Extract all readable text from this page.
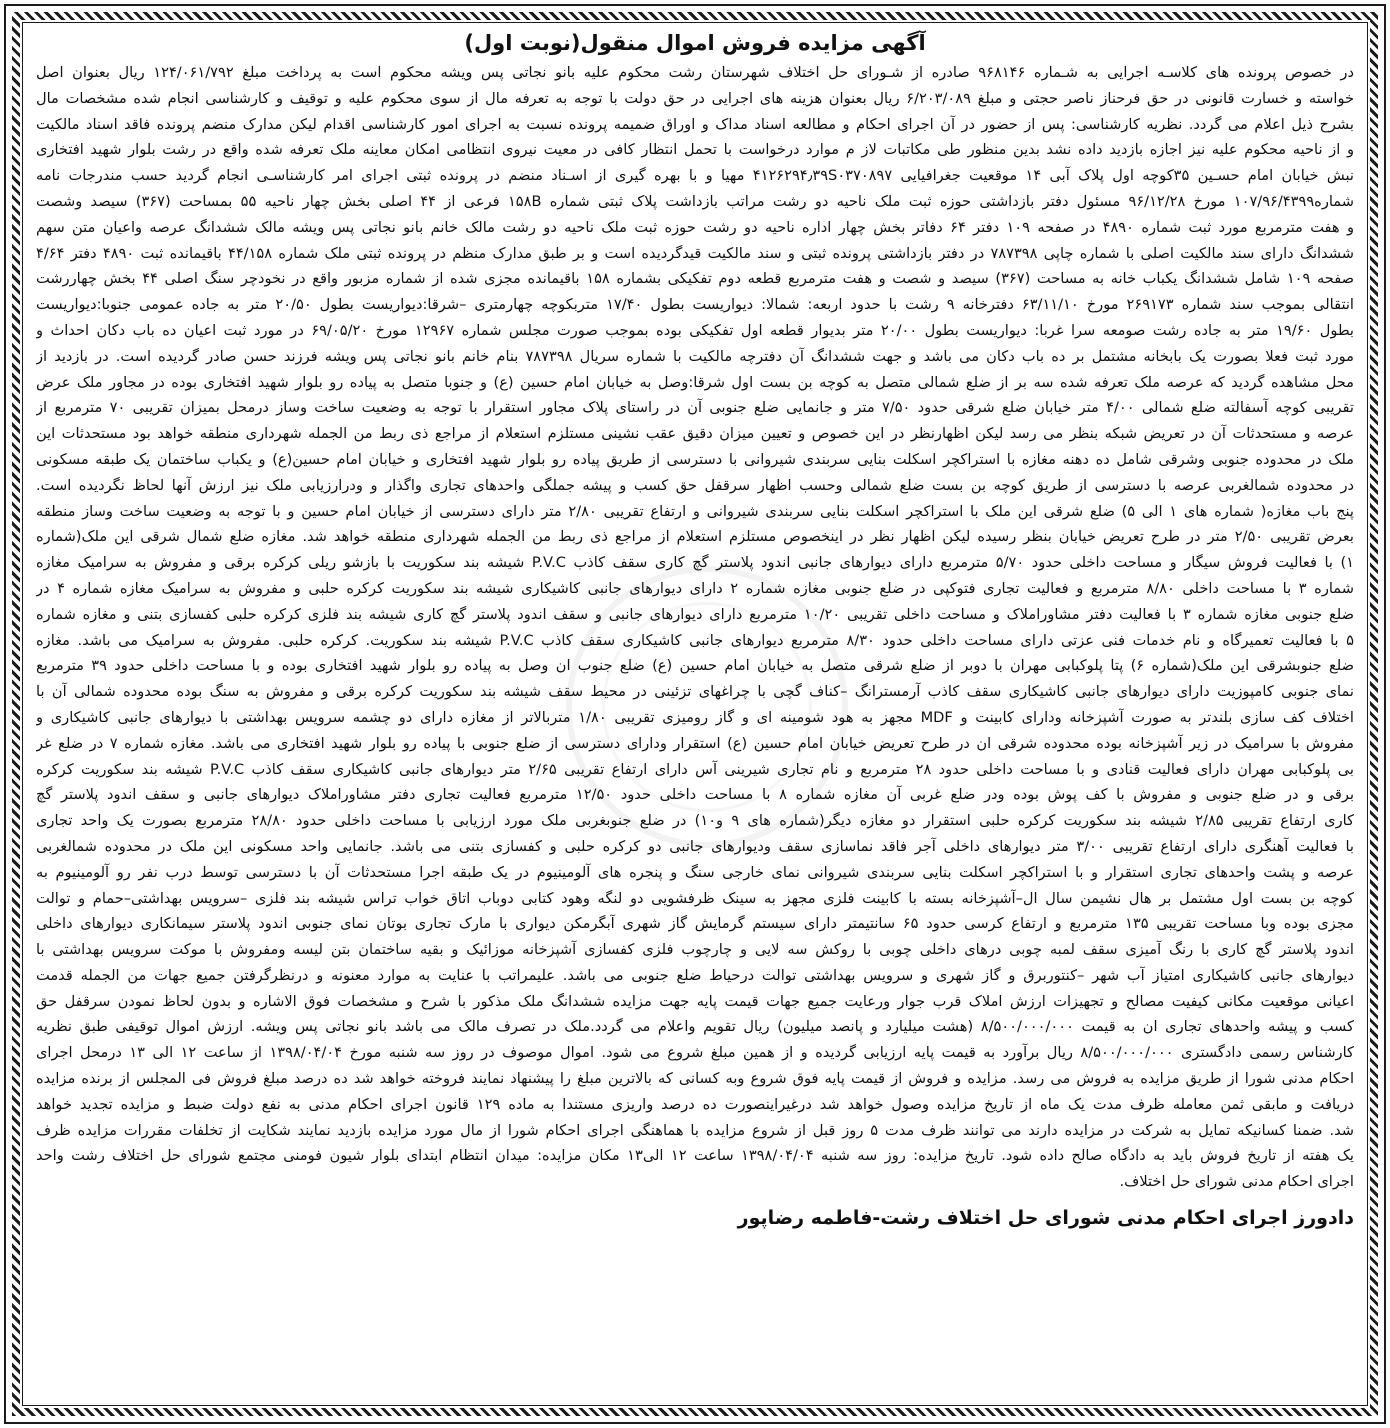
آگهی مزایده فروش اموال منقول(نوبت اول)
در خصوص پرونده های کلاسـه اجرایی به شـماره ۹۶۸۱۴۶ صادره از شـورای حل اختلاف شهرستان رشت محکوم علیه بانو نجاتی پس ویشه محکوم است به پرداخت مبلغ ۱۲۴/۰۶۱/۷۹۲ ریال بعنوان اصل
خواسته و خسارت قانونی در حق فرحناز ناصر حجتی و مبلغ ۶/۲۰۳/۰۸۹ ریال بعنوان هزینه های اجرایی در حق دولت با توجه به تعرفه مال از سوی محکوم علیه و توقیف و کارشناسی انجام شده مشخصات مال
بشرح ذیل اعلام می گردد. نظریه کارشناسی: پس از حضور در آن اجرای احکام و مطالعه اسناد مداک و اوراق ضمیمه پرونده نسبت به اجرای امور کارشناسی اقدام لیکن مدارک منضم پرونده فاقد اسناد مالکیت
و از ناحیه محکوم علیه نیز اجازه بازدید داده نشد بدین منظور طی مکاتبات لاز م موارد درخواست با تحمل انتظار کافی در معیت نیروی انتظامی امکان معاینه ملک تعرفه شده واقع در رشت بلوار شهید افتخاری
نبش خیابان امام حسـین ۳۵کوچه اول پلاک آبی ۱۴ موقعیت جغرافیایی ۴۱۲۶۲۹۴٫۳۹S۰۳۷۰۸۹۷ مهیا و با بهره گیری از اسـناد منضم در پرونده ثبتی اجرای امر کارشناسـی انجام گردید حسب مندرجات نامه
شماره۱۰۷/۹۶/۴۳۹۹ مورخ ۹۶/۱۲/۲۸ مسئول دفتر بازداشتی حوزه ثبت ملک ناحیه دو رشت مراتب بازداشت پلاک ثبتی شماره ۱۵۸B فرعی از ۴۴ اصلی بخش چهار ناحیه ۵۵ بمساحت (۳۶۷) سیصد وشصت
و هفت مترمربع مورد ثبت شماره ۴۸۹۰ در صفحه ۱۰۹ دفتر ۶۴ دفاتر بخش چهار اداره ناحیه دو رشت حوزه ثبت ملک ناحیه دو رشت مالک خانم بانو نجاتی پس ویشه مالک ششدانگ عرصه واعیان متن سهم
ششدانگ دارای سند مالکیت اصلی با شماره چاپی ۷۸۷۳۹۸ در دفتر بازداشتی پرونده ثبتی و سند مالکیت قیدگردیده است و بر طبق مدارک منظم در پرونده ثبتی ملک شماره ۴۴/۱۵۸ باقیمانده ثبت ۴۸۹۰ دفتر ۴/۶۴
صفحه ۱۰۹ شامل ششدانگ یکباب خانه به مساحت (۳۶۷) سیصد و شصت و هفت مترمربع قطعه دوم تفکیکی بشماره ۱۵۸ باقیمانده مجزی شده از شماره مزبور واقع در نخودچر سنگ اصلی ۴۴ بخش چهاررشت
انتقالی بموجب سند شماره ۲۶۹۱۷۳ مورخ ۶۳/۱۱/۱۰ دفترخانه ۹ رشت با حدود اربعه: شمالا: دیواریست بطول ۱۷/۴۰ متربکوچه چهارمتری –شرقا:دیواریست بطول ۲۰/۵۰ متر به جاده عمومی جنوبا:دیواریست
بطول ۱۹/۶۰ متر به جاده رشت صومعه سرا غربا: دیواریست بطول ۲۰/۰۰ متر بدیوار قطعه اول تفکیکی بوده بموجب صورت مجلس شماره ۱۲۹۶۷ مورخ ۶۹/۰۵/۲۰ در مورد ثبت اعیان ده باب دکان احداث و
مورد ثبت فعلا بصورت یک بابخانه مشتمل بر ده باب دکان می باشد و جهت ششدانگ آن دفترچه مالکیت با شماره سریال ۷۸۷۳۹۸ بنام خانم بانو نجاتی پس ویشه فرزند حسن صادر گردیده است. در بازدید از
محل مشاهده گردید که عرصه ملک تعرفه شده سه بر از ضلع شمالی متصل به کوچه بن بست اول شرقا:وصل به خیابان امام حسین (ع) و جنوبا متصل به پیاده رو بلوار شهید افتخاری بوده در مجاور ملک عرض
تقریبی کوچه آسفالته ضلع شمالی ۴/۰۰ متر خیابان ضلع شرقی حدود ۷/۵۰ متر و جانمایی ضلع جنوبی آن در راستای پلاک مجاور استقرار با توجه به وضعیت ساخت وساز درمحل بمیزان تقریبی ۷۰ مترمربع از
عرصه و مستحدثات آن در تعریض شبکه بنظر می رسد لیکن اظهارنظر در این خصوص و تعیین میزان دقیق عقب نشینی مستلزم استعلام از مراجع ذی ربط من الجمله شهرداری منطقه خواهد بود مستحدثات این
ملک در محدوده جنوبی وشرقی شامل ده دهنه مغازه با استراکچر اسکلت بنایی سربندی شیروانی با دسترسی از طریق پیاده رو بلوار شهید افتخاری و خیابان امام حسین(ع) و یکباب ساختمان یک طبقه مسکونی
در محدوده شمالغربی عرصه با دسترسی از طریق کوچه بن بست ضلع شمالی وحسب اظهار سرقفل حق کسب و پیشه جملگی واحدهای تجاری واگذار و ودرارزیابی ملک نیز ارزش آنها لحاظ نگردیده است.
پنج باب مغازه( شماره های ۱ الی ۵) ضلع شرقی این ملک با استراکچر اسکلت بنایی سربندی شیروانی و ارتفاع تقریبی ۲/۸۰ متر دارای دسترسی از خیابان امام حسین و با توجه به وضعیت ساخت وساز منطقه
بعرض تقریبی ۲/۵۰ متر در طرح تعریض خیابان بنظر رسیده لیکن اظهار نظر در اینخصوص مستلزم استعلام از مراجع ذی ربط من الجمله شهرداری منطقه خواهد شد. مغازه ضلع شمال شرقی این ملک(شماره
۱) با فعالیت فروش سیگار و مساحت داخلی حدود ۵/۷۰ مترمربع دارای دیوارهای جانبی اندود پلاستر گچ کاری سقف کاذب P.V.C شیشه بند سکوریت با بازشو ریلی کرکره برقی و مفروش به سرامیک مغازه
شماره ۳ با مساحت داخلی ۸/۸۰ مترمربع و فعالیت تجاری فتوکپی در ضلع جنوبی مغازه شماره ۲ دارای دیوارهای جانبی کاشیکاری شیشه بند سکوریت کرکره حلبی و مفروش به سرامیک مغازه شماره ۴ در
ضلع جنوبی مغازه شماره ۳ با فعالیت دفتر مشاوراملاک و مساحت داخلی تقریبی ۱۰/۲۰ مترمربع دارای دیوارهای جانبی و سقف اندود پلاستر گچ کاری شیشه بند فلزی کرکره حلبی کفسازی بتنی و مغازه شماره
۵ با فعالیت تعمیرگاه و نام خدمات فنی عزتی دارای مساحت داخلی حدود ۸/۳۰ مترمربع دیوارهای جانبی کاشیکاری سقف کاذب P.V.C شیشه بند سکوریت. کرکره حلبی. مفروش به سرامیک می باشد. مغازه
ضلع جنوبشرقی این ملک(شماره ۶) پتا پلوکبابی مهران با دوبر از ضلع شرقی متصل به خیابان امام حسین (ع) ضلع جنوب ان وصل به پیاده رو بلوار شهید افتخاری بوده و با مساحت داخلی حدود ۳۹ مترمربع
نمای جنوبی کامپوزیت دارای دیوارهای جانبی کاشیکاری سقف کاذب آرمسترانگ –کناف گچی با چراغهای تزئینی در محیط سقف شیشه بند سکوریت کرکره برقی و مفروش به سنگ بوده محدوده شمالی آن با
اختلاف کف سازی بلندتر به صورت آشپزخانه ودارای کابینت و MDF مجهز به هود شومینه ای و گاز رومیزی تقریبی ۱/۸۰ متربالاتر از مغازه دارای دو چشمه سرویس بهداشتی با دیوارهای جانبی کاشیکاری و
مفروش با سرامیک در زیر آشپزخانه بوده محدوده شرقی ان در طرح تعریض خیابان امام حسین (ع) استقرار ودارای دسترسی از ضلع جنوبی با پیاده رو بلوار شهید افتخاری می باشد. مغازه شماره ۷ در ضلع غر
بی پلوکبابی مهران دارای فعالیت قنادی و با مساحت داخلی حدود ۲۸ مترمربع و نام تجاری شیرینی آس دارای ارتفاع تقریبی ۲/۶۵ متر دیوارهای جانبی کاشیکاری سقف کاذب P.V.C شیشه بند سکوریت کرکره
برقی و در ضلع جنوبی و مفروش با کف پوش بوده ودر ضلع غربی آن مغازه شماره ۸ با مساحت داخلی حدود ۱۲/۵۰ مترمربع فعالیت تجاری دفتر مشاوراملاک دیوارهای جانبی و سقف اندود پلاستر گچ
کاری ارتفاع تقریبی ۲/۸۵ شیشه بند سکوریت کرکره حلبی استقرار دو مغازه دیگر(شماره های ۹ و۱۰) در ضلع جنوبغربی ملک مورد ارزیابی با مساحت داخلی حدود ۲۸/۸۰ مترمربع بصورت یک واحد تجاری
با فعالیت آهنگری دارای ارتفاع تقریبی ۳/۰۰ متر دیوارهای داخلی آجر فاقد نماسازی سقف ودیوارهای جانبی دو کرکره حلبی و کفسازی بتنی می باشد. جانمایی واحد مسکونی این ملک در محدوده شمالغربی
عرصه و پشت واحدهای تجاری استقرار و با استراکچر اسکلت بنایی سربندی شیروانی نمای خارجی سنگ و پنجره های آلومینیوم در یک طبقه اجرا مستحدثات آن با دسترسی توسط درب نفر رو آلومینیوم به
کوچه بن بست اول مشتمل بر هال نشیمن سال ال–آشپزخانه بسته با کابینت فلزی مجهز به سینک ظرفشویی دو لنگه وهود کتابی دوباب اتاق خواب تراس شیشه بند فلزی –سرویس بهداشتی–حمام و توالت
مجزی بوده وبا مساحت تقریبی ۱۳۵ مترمربع و ارتفاع کرسی حدود ۶۵ سانتیمتر دارای سیستم گرمایش گاز شهری آبگرمکن دیواری با مارک تجاری بوتان نمای جنوبی اندود پلاستر سیمانکاری دیوارهای داخلی
اندود پلاستر گچ کاری با رنگ آمیزی سقف لمبه چوبی درهای داخلی چوبی با روکش سه لایی و چارچوب فلزی کفسازی آشپزخانه موزائیک و بقیه ساختمان بتن لیسه ومفروش با موکت سرویس بهداشتی با
دیوارهای جانبی کاشیکاری امتیاز آب شهر –کنتوربرق و گاز شهری و سرویس بهداشتی توالت درحیاط ضلع جنوبی می باشد. علیمراتب با عنایت به موارد معنونه و درنظرگرفتن جمیع جهات من الجمله قدمت
اعیانی موقعیت مکانی کیفیت مصالح و تجهیزات ارزش املاک قرب جوار ورعایت جمیع جهات قیمت پایه جهت مزایده ششدانگ ملک مذکور با شرح و مشخصات فوق الاشاره و بدون لحاظ نمودن سرقفل حق
کسب و پیشه واحدهای تجاری ان به قیمت ۸/۵۰۰/۰۰۰/۰۰۰ (هشت میلیارد و پانصد میلیون) ریال تقویم واعلام می گردد.ملک در تصرف مالک می باشد بانو نجاتی پس ویشه. ارزش اموال توقیفی طبق نظریه
کارشناس رسمی دادگستری ۸/۵۰۰/۰۰۰/۰۰۰ ریال برآورد به قیمت پایه ارزیابی گردیده و از همین مبلغ شروع می شود. اموال موصوف در روز سه شنبه مورخ ۱۳۹۸/۰۴/۰۴ از ساعت ۱۲ الی ۱۳ درمحل اجرای
احکام مدنی شورا از طریق مزایده به فروش می رسد. مزایده و فروش از قیمت پایه فوق شروع وبه کسانی که بالاترین مبلغ را پیشنهاد نمایند فروخته خواهد شد ده درصد مبلغ فروش فی المجلس از برنده مزایده
دریافت و مابقی ثمن معامله ظرف مدت یک ماه از تاریخ مزایده وصول خواهد شد درغیراینصورت ده درصد واریزی مستندا به ماده ۱۲۹ قانون اجرای احکام مدنی به نفع دولت ضبط و مزایده تجدید خواهد
شد. ضمنا کسانیکه تمایل به شرکت در مزایده دارند می توانند ظرف مدت ۵ روز قبل از شروع مزایده با هماهنگی اجرای احکام شورا از مال مورد مزایده بازدید نمایند شکایت از تخلفات مقررات مزایده ظرف
یک هفته از تاریخ فروش باید به دادگاه صالح داده شود. تاریخ مزایده: روز سه شنبه ۱۳۹۸/۰۴/۰۴ ساعت ۱۲ الی۱۳ مکان مزایده: میدان انتظام ابتدای بلوار شیون فومنی مجتمع شورای حل اختلاف رشت واحد
اجرای احکام مدنی شورای حل اختلاف.
دادورز اجرای احکام مدنی شورای حل اختلاف رشت-فاطمه رضاپور
